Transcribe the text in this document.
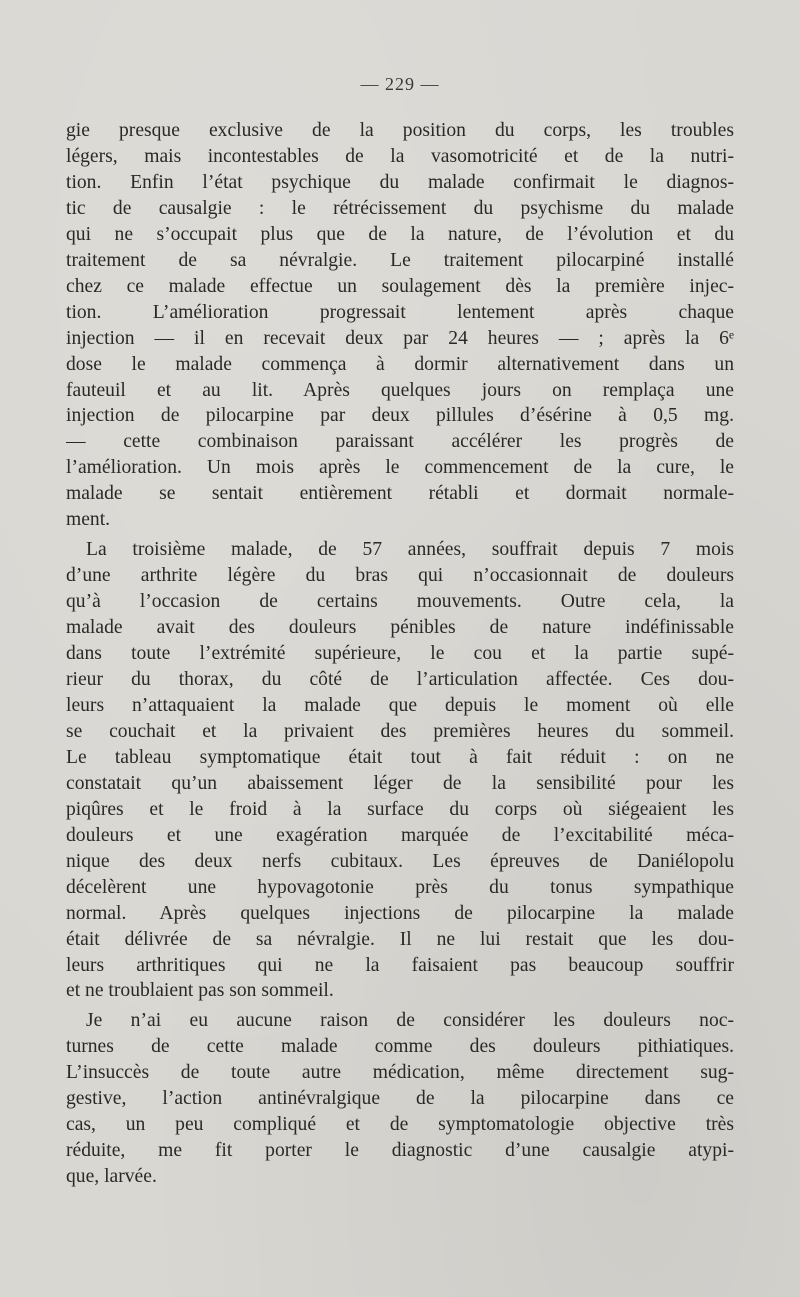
— 229 —
gie presque exclusive de la position du corps, les troubles
légers, mais incontestables de la vasomotricité et de la nutri-
tion. Enfin l’état psychique du malade confirmait le diagnos-
tic de causalgie : le rétrécissement du psychisme du malade
qui ne s’occupait plus que de la nature, de l’évolution et du
traitement de sa névralgie. Le traitement pilocarpiné installé
chez ce malade effectue un soulagement dès la première injec-
tion. L’amélioration progressait lentement après chaque
injection — il en recevait deux par 24 heures — ; après la 6ᵉ
dose le malade commença à dormir alternativement dans un
fauteuil et au lit. Après quelques jours on remplaça une
injection de pilocarpine par deux pillules d’ésérine à 0,5 mg.
— cette combinaison paraissant accélérer les progrès de
l’amélioration. Un mois après le commencement de la cure, le
malade se sentait entièrement rétabli et dormait normale-
ment.
La troisième malade, de 57 années, souffrait depuis 7 mois
d’une arthrite légère du bras qui n’occasionnait de douleurs
qu’à l’occasion de certains mouvements. Outre cela, la
malade avait des douleurs pénibles de nature indéfinissable
dans toute l’extrémité supérieure, le cou et la partie supé-
rieur du thorax, du côté de l’articulation affectée. Ces dou-
leurs n’attaquaient la malade que depuis le moment où elle
se couchait et la privaient des premières heures du sommeil.
Le tableau symptomatique était tout à fait réduit : on ne
constatait qu’un abaissement léger de la sensibilité pour les
piqûres et le froid à la surface du corps où siégeaient les
douleurs et une exagération marquée de l’excitabilité méca-
nique des deux nerfs cubitaux. Les épreuves de Daniélopolu
décelèrent une hypovagotonie près du tonus sympathique
normal. Après quelques injections de pilocarpine la malade
était délivrée de sa névralgie. Il ne lui restait que les dou-
leurs arthritiques qui ne la faisaient pas beaucoup souffrir
et ne troublaient pas son sommeil.
Je n’ai eu aucune raison de considérer les douleurs noc-
turnes de cette malade comme des douleurs pithiatiques.
L’insuccès de toute autre médication, même directement sug-
gestive, l’action antinévralgique de la pilocarpine dans ce
cas, un peu compliqué et de symptomatologie objective très
réduite, me fit porter le diagnostic d’une causalgie atypi-
que, larvée.
